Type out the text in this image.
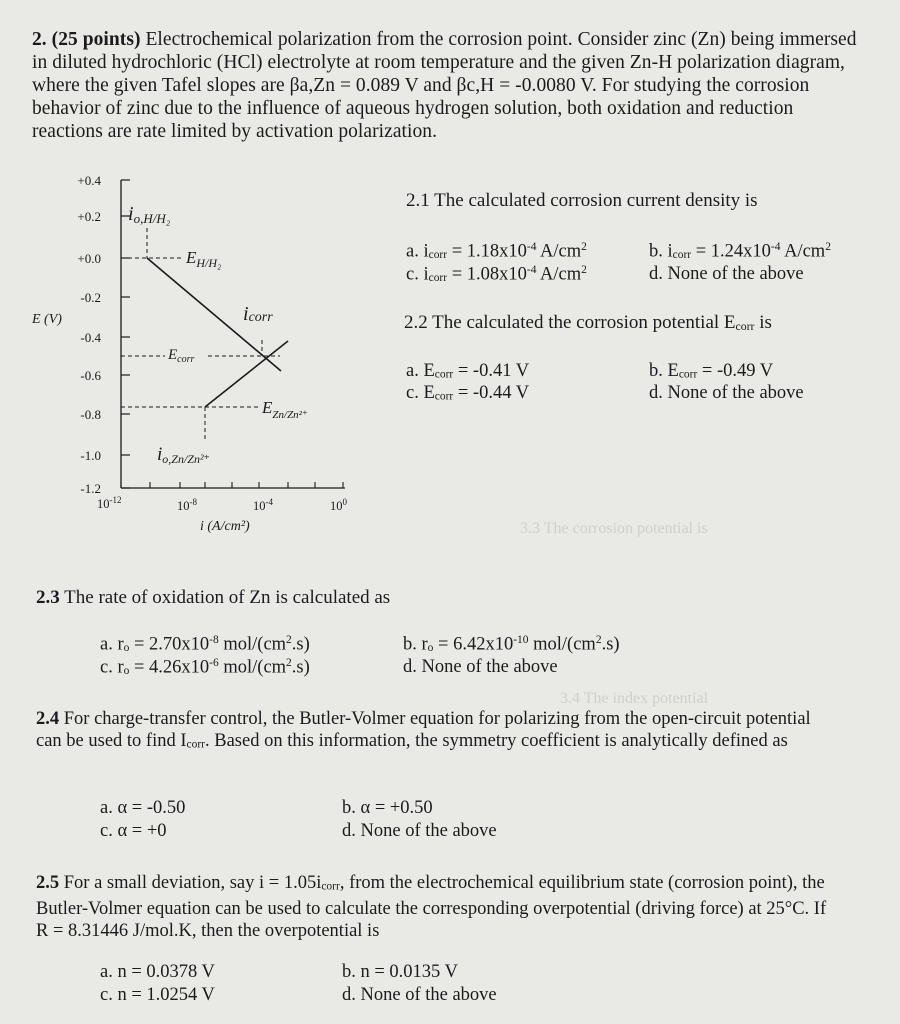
3.3 The corrosion potential is
3.4 The index potential
2. (25 points) Electrochemical polarization from the corrosion point. Consider zinc (Zn) being immersed in diluted hydrochloric (HCl) electrolyte at room temperature and the given Zn-H polarization diagram, where the given Tafel slopes are βa,Zn = 0.089 V and βc,H = -0.0080 V. For studying the corrosion behavior of zinc due to the influence of aqueous hydrogen solution, both oxidation and reduction reactions are rate limited by activation polarization.
+0.4
+0.2
+0.0
-0.2
-0.4
-0.6
-0.8
-1.0
-1.2
E (V)
$10^{-12}$	$10^{-8}$	$10^{-4}$	$10^0$
i (A/cm²)
io,H/H₂
$E_{H/H_2}$
icorr
$E_{corr}$
$E_{Zn/Zn^{2+}}$
io,Zn/Zn²⁺
2.1 The calculated corrosion current density is
a. icorr = $1.18x10^{-4}$ $A/cm^2$	b. icorr = $1.24x10^{-4}$ $A/cm^2$
c. icorr = $1.08x10^{-4}$ $A/cm^2$	d. None of the above
2.2 The calculated the corrosion potential Ecorr is
a. Ecorr = -0.41 V	b. Ecorr = -0.49 V
c. Ecorr = -0.44 V	d. None of the above
2.3 The rate of oxidation of Zn is calculated as
a. ro = $2.70x10^{-8}$ mol/$(cm^2.s)$	b. ro = $6.42x10^{-10}$ mol/$(cm^2.s)$
c. ro = $4.26x10^{-6}$ mol/$(cm^2.s)$	d. None of the above
2.4 For charge-transfer control, the Butler-Volmer equation for polarizing from the open-circuit potential can be used to find Icorr. Based on this information, the symmetry coefficient is analytically defined as
a. α = -0.50	b. α = +0.50
c. α = +0	d. None of the above
2.5 For a small deviation, say i = 1.05icorr, from the electrochemical equilibrium state (corrosion point), the Butler-Volmer equation can be used to calculate the corresponding overpotential (driving force) at 25°C. If R = 8.31446 J/mol.K, then the overpotential is
a. n = 0.0378 V	b. n = 0.0135 V
c. n = 1.0254 V	d. None of the above
